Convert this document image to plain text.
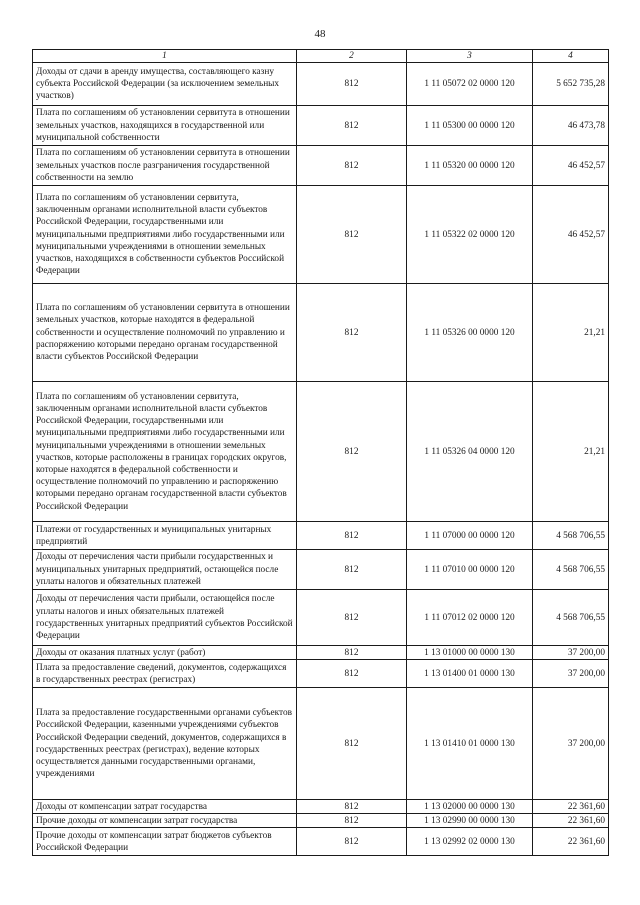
48
1	2	3	4
Доходы от сдачи в аренду имущества, составляющего казну субъекта Российской Федерации (за исключением земельных участков)	812	1 11 05072 02 0000 120	5 652 735,28
Плата по соглашениям об установлении сервитута в отношении земельных участков, находящихся в государственной или муниципальной собственности	812	1 11 05300 00 0000 120	46 473,78
Плата по соглашениям об установлении сервитута в отношении земельных участков после разграничения государственной собственности на землю	812	1 11 05320 00 0000 120	46 452,57
Плата по соглашениям об установлении сервитута, заключенным органами исполнительной власти субъектов Российской Федерации, государственными или муниципальными предприятиями либо государственными или муниципальными учреждениями в отношении земельных участков, находящихся в собственности субъектов Российской Федерации	812	1 11 05322 02 0000 120	46 452,57
Плата по соглашениям об установлении сервитута в отношении земельных участков, которые находятся в федеральной собственности и осуществление полномочий по управлению и распоряжению которыми передано органам государственной власти субъектов Российской Федерации	812	1 11 05326 00 0000 120	21,21
Плата по соглашениям об установлении сервитута, заключенным органами исполнительной власти субъектов Российской Федерации, государственными или муниципальными предприятиями либо государственными или муниципальными учреждениями в отношении земельных участков, которые расположены в границах городских округов, которые находятся в федеральной собственности и осуществление полномочий по управлению и распоряжению которыми передано органам государственной власти субъектов Российской Федерации	812	1 11 05326 04 0000 120	21,21
Платежи от государственных и муниципальных унитарных предприятий	812	1 11 07000 00 0000 120	4 568 706,55
Доходы от перечисления части прибыли государственных и муниципальных унитарных предприятий, остающейся после уплаты налогов и обязательных платежей	812	1 11 07010 00 0000 120	4 568 706,55
Доходы от перечисления части прибыли, остающейся после уплаты налогов и иных обязательных платежей государственных унитарных предприятий субъектов Российской Федерации	812	1 11 07012 02 0000 120	4 568 706,55
Доходы от оказания платных услуг (работ)	812	1 13 01000 00 0000 130	37 200,00
Плата за предоставление сведений, документов, содержащихся в государственных реестрах (регистрах)	812	1 13 01400 01 0000 130	37 200,00
Плата за предоставление государственными органами субъектов Российской Федерации, казенными учреждениями субъектов Российской Федерации сведений, документов, содержащихся в государственных реестрах (регистрах), ведение которых осуществляется данными государственными органами, учреждениями	812	1 13 01410 01 0000 130	37 200,00
Доходы от компенсации затрат государства	812	1 13 02000 00 0000 130	22 361,60
Прочие доходы от компенсации затрат государства	812	1 13 02990 00 0000 130	22 361,60
Прочие доходы от компенсации затрат бюджетов субъектов Российской Федерации	812	1 13 02992 02 0000 130	22 361,60
